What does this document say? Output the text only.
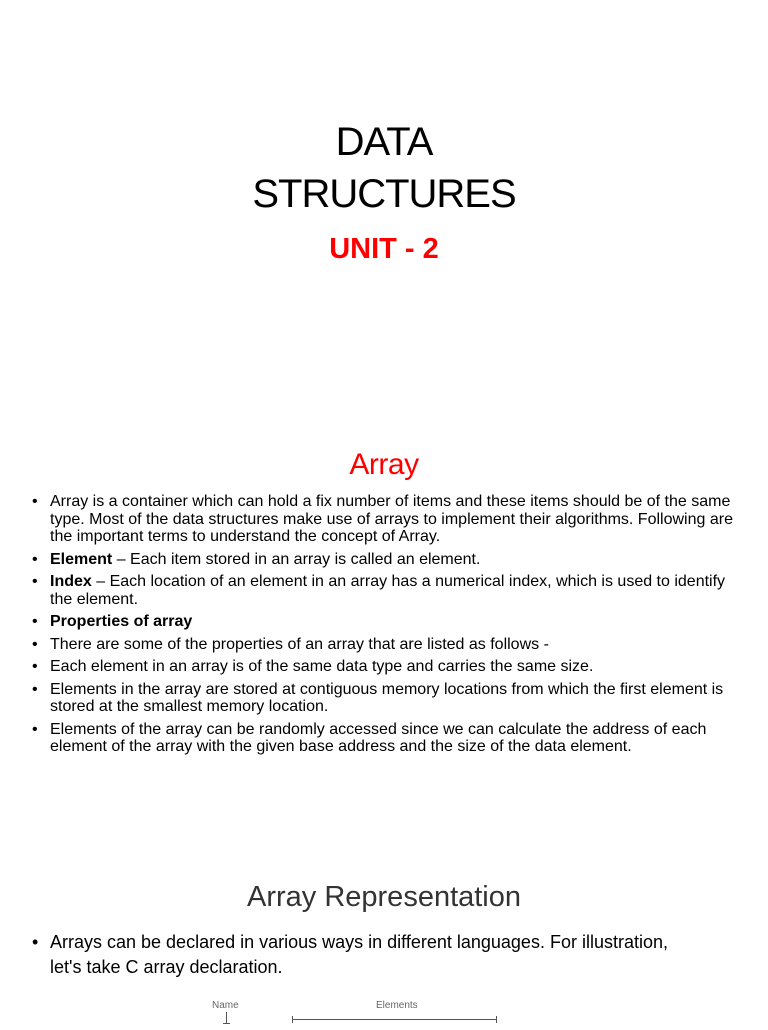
DATA
STRUCTURES
UNIT - 2
Array
• Array is a container which can hold a fix number of items and these items should be of the same type. Most of the data structures make use of arrays to implement their algorithms. Following are the important terms to understand the concept of Array.
• Element – Each item stored in an array is called an element.
• Index – Each location of an element in an array has a numerical index, which is used to identify the element.
• Properties of array
• There are some of the properties of an array that are listed as follows -
• Each element in an array is of the same data type and carries the same size.
• Elements in the array are stored at contiguous memory locations from which the first element is stored at the smallest memory location.
• Elements of the array can be randomly accessed since we can calculate the address of each element of the array with the given base address and the size of the data element.
Array Representation
• Arrays can be declared in various ways in different languages. For illustration, let's take C array declaration.
Name	Elements
